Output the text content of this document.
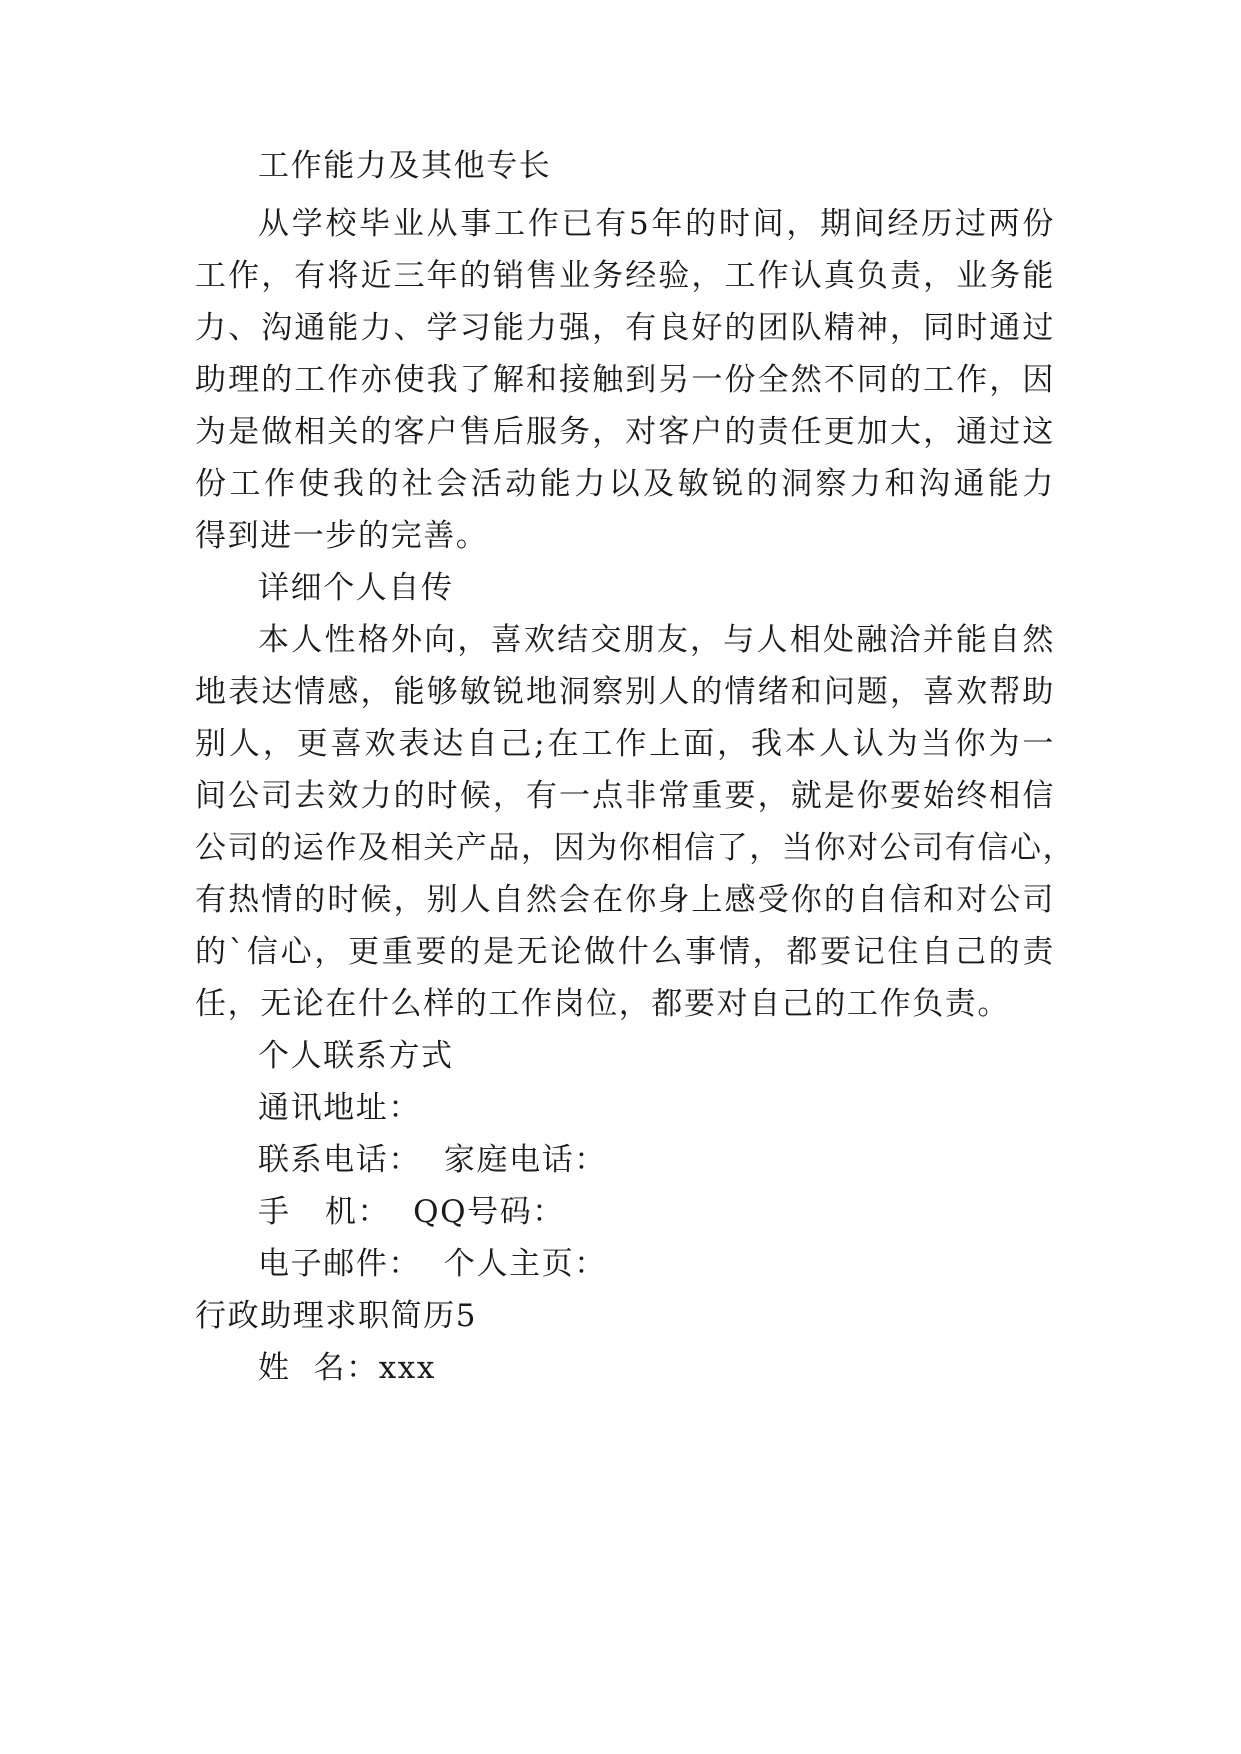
工作能力及其他专长
从学校毕业从事工作已有5年的时间，期间经历过两份
工作，有将近三年的销售业务经验，工作认真负责，业务能
力、沟通能力、学习能力强，有良好的团队精神，同时通过
助理的工作亦使我了解和接触到另一份全然不同的工作，因
为是做相关的客户售后服务，对客户的责任更加大，通过这
份工作使我的社会活动能力以及敏锐的洞察力和沟通能力
得到进一步的完善。
详细个人自传
本人性格外向，喜欢结交朋友，与人相处融洽并能自然
地表达情感，能够敏锐地洞察别人的情绪和问题，喜欢帮助
别人，更喜欢表达自己;在工作上面，我本人认为当你为一
间公司去效力的时候，有一点非常重要，就是你要始终相信
公司的运作及相关产品，因为你相信了，当你对公司有信心，
有热情的时候，别人自然会在你身上感受你的自信和对公司
的`信心，更重要的是无论做什么事情，都要记住自己的责
任，无论在什么样的工作岗位，都要对自己的工作负责。
个人联系方式
通讯地址：
联系电话：  家庭电话：
手   机：  QQ号码：
电子邮件：  个人主页：
行政助理求职简历5
姓  名：xxx
